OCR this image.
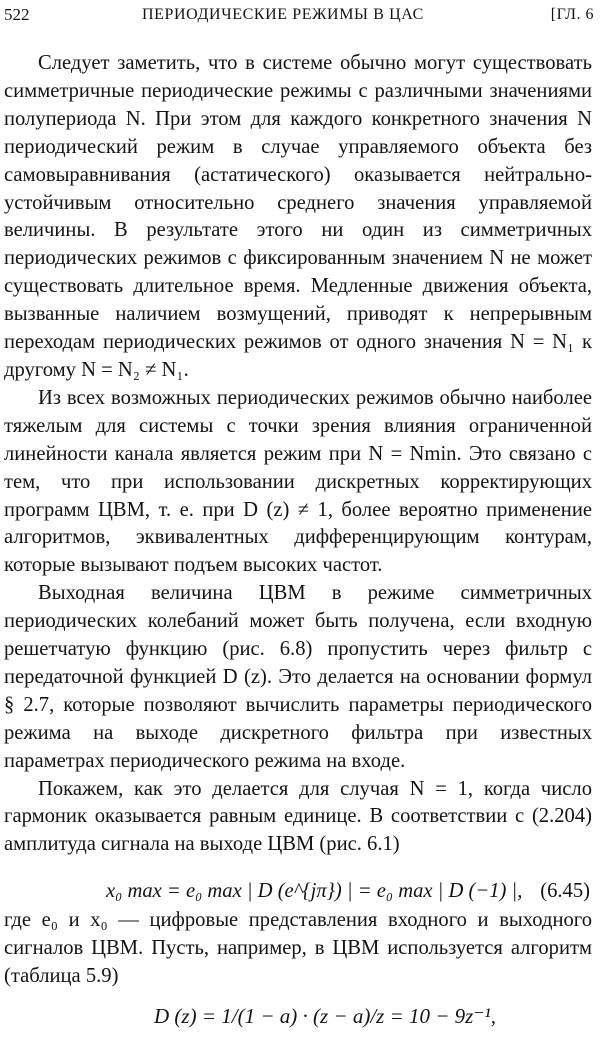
522	ПЕРИОДИЧЕСКИЕ РЕЖИМЫ В ЦАС	[ГЛ. 6

Следует заметить, что в системе обычно могут существовать симметричные периодические режимы с различными значениями полупериода N. При этом для каждого конкретного значения N периодический режим в случае управляемого объекта без самовыравнивания (астатического) оказывается нейтрально-устойчивым относительно среднего значения управляемой величины. В результате этого ни один из симметричных периодических режимов с фиксированным значением N не может существовать длительное время. Медленные движения объекта, вызванные наличием возмущений, приводят к непрерывным переходам периодических режимов от одного значения N = N₁ к другому N = N₂ ≠ N₁.

Из всех возможных периодических режимов обычно наиболее тяжелым для системы с точки зрения влияния ограниченной линейности канала является режим при N = Nmin. Это связано с тем, что при использовании дискретных корректирующих программ ЦВМ, т. е. при D (z) ≠ 1, более вероятно применение алгоритмов, эквивалентных дифференцирующим контурам, которые вызывают подъем высоких частот.

Выходная величина ЦВМ в режиме симметричных периодических колебаний может быть получена, если входную решетчатую функцию (рис. 6.8) пропустить через фильтр с передаточной функцией D (z). Это делается на основании формул § 2.7, которые позволяют вычислить параметры периодического режима на выходе дискретного фильтра при известных параметрах периодического режима на входе.

Покажем, как это делается для случая N = 1, когда число гармоник оказывается равным единице. В соответствии с (2.204) амплитуда сигнала на выходе ЦВМ (рис. 6.1)

x₀ max = e₀ max | D (e^{jπ}) | = e₀ max | D (−1) |, (6.45)

где e₀ и x₀ — цифровые представления входного и выходного сигналов ЦВМ. Пусть, например, в ЦВМ используется алгоритм (таблица 5.9)

D (z) = 1/(1 − a) · (z − a)/z = 10 − 9z⁻¹,
